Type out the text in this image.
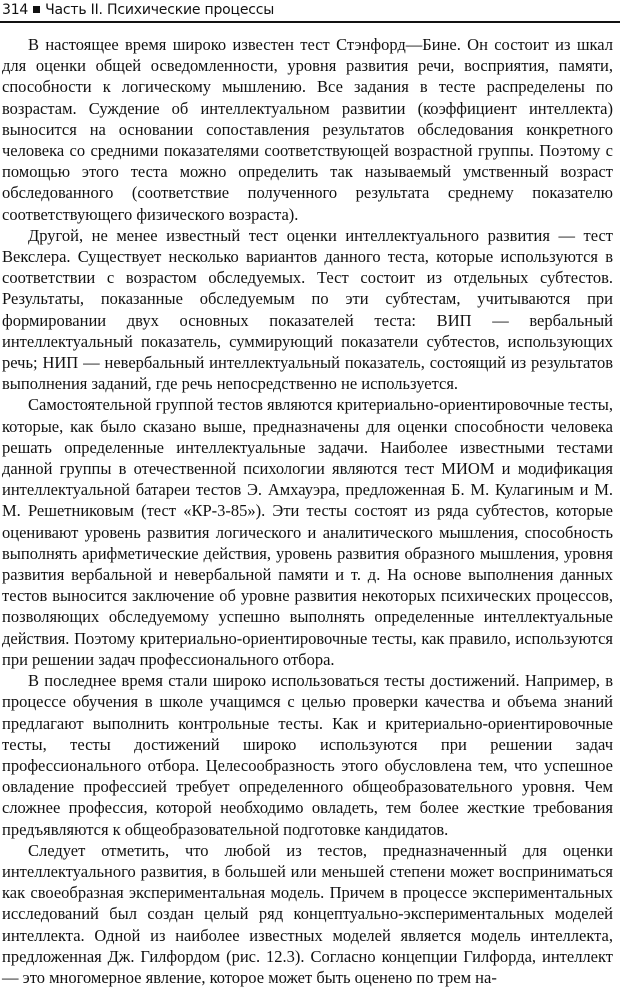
314 Часть II. Психические процессы

В настоящее время широко известен тест Стэнфорд—Бине. Он состоит из шкал для оценки общей осведомленности, уровня развития речи, восприятия, памяти, способности к логическому мышлению. Все задания в тесте распределены по возрастам. Суждение об интеллектуальном развитии (коэффициент интеллекта) выносится на основании сопоставления результатов обследования конкретного человека со средними показателями соответствующей возрастной группы. Поэтому с помощью этого теста можно определить так называемый умственный возраст обследованного (соответствие полученного результата среднему показателю соответствующего физического возраста).

Другой, не менее известный тест оценки интеллектуального развития — тест Векслера. Существует несколько вариантов данного теста, которые используются в соответствии с возрастом обследуемых. Тест состоит из отдельных субтестов. Результаты, показанные обследуемым по эти субтестам, учитываются при формировании двух основных показателей теста: ВИП — вербальный интеллектуальный показатель, суммирующий показатели субтестов, использующих речь; НИП — невербальный интеллектуальный показатель, состоящий из результатов выполнения заданий, где речь непосредственно не используется.

Самостоятельной группой тестов являются критериально-ориентировочные тесты, которые, как было сказано выше, предназначены для оценки способности человека решать определенные интеллектуальные задачи. Наиболее известными тестами данной группы в отечественной психологии являются тест МИОМ и модификация интеллектуальной батареи тестов Э. Амхауэра, предложенная Б. М. Кулагиным и М. М. Решетниковым (тест «КР-3-85»). Эти тесты состоят из ряда субтестов, которые оценивают уровень развития логического и аналитического мышления, способность выполнять арифметические действия, уровень развития образного мышления, уровня развития вербальной и невербальной памяти и т. д. На основе выполнения данных тестов выносится заключение об уровне развития некоторых психических процессов, позволяющих обследуемому успешно выполнять определенные интеллектуальные действия. Поэтому критериально-ориентировочные тесты, как правило, используются при решении задач профессионального отбора.

В последнее время стали широко использоваться тесты достижений. Например, в процессе обучения в школе учащимся с целью проверки качества и объема знаний предлагают выполнить контрольные тесты. Как и критериально-ориентировочные тесты, тесты достижений широко используются при решении задач профессионального отбора. Целесообразность этого обусловлена тем, что успешное овладение профессией требует определенного общеобразовательного уровня. Чем сложнее профессия, которой необходимо овладеть, тем более жесткие требования предъявляются к общеобразовательной подготовке кандидатов.

Следует отметить, что любой из тестов, предназначенный для оценки интеллектуального развития, в большей или меньшей степени может восприниматься как своеобразная экспериментальная модель. Причем в процессе экспериментальных исследований был создан целый ряд концептуально-экспериментальных моделей интеллекта. Одной из наиболее известных моделей является модель интеллекта, предложенная Дж. Гилфордом (рис. 12.3). Согласно концепции Гилфорда, интеллект — это многомерное явление, которое может быть оценено по трем на-
